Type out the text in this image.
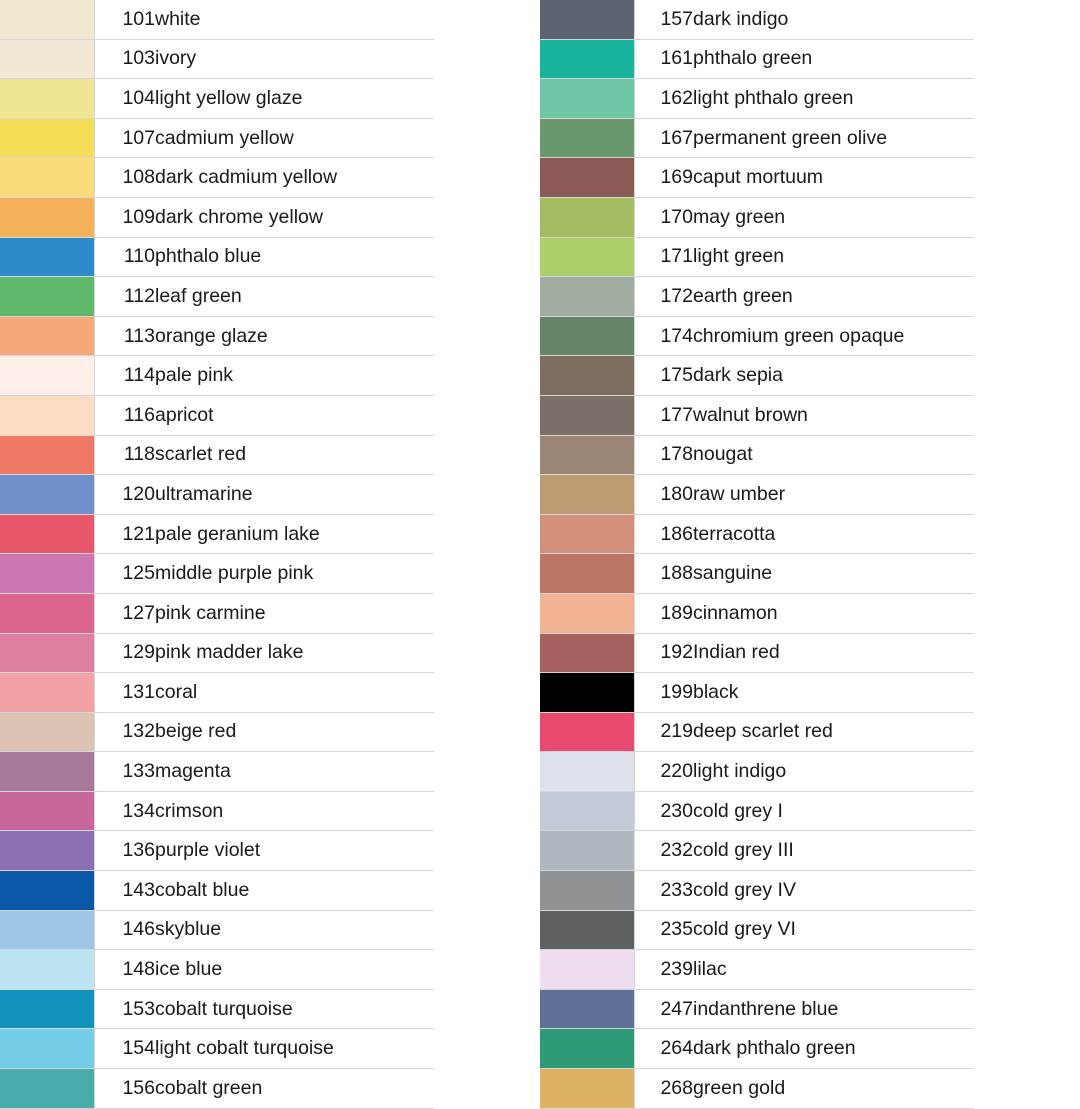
	101	white

	103	ivory

	104	light yellow glaze

	107	cadmium yellow

	108	dark cadmium yellow

	109	dark chrome yellow

	110	phthalo blue

	112	leaf green

	113	orange glaze

	114	pale pink

	116	apricot

	118	scarlet red

	120	ultramarine

	121	pale geranium lake

	125	middle purple pink

	127	pink carmine

	129	pink madder lake

	131	coral

	132	beige red

	133	magenta

	134	crimson

	136	purple violet

	143	cobalt blue

	146	skyblue

	148	ice blue

	153	cobalt turquoise

	154	light cobalt turquoise

	156	cobalt green
	157	dark indigo

	161	phthalo green

	162	light phthalo green

	167	permanent green olive

	169	caput mortuum

	170	may green

	171	light green

	172	earth green

	174	chromium green opaque

	175	dark sepia

	177	walnut brown

	178	nougat

	180	raw umber

	186	terracotta

	188	sanguine

	189	cinnamon

	192	Indian red

	199	black

	219	deep scarlet red

	220	light indigo

	230	cold grey I

	232	cold grey III

	233	cold grey IV

	235	cold grey VI

	239	lilac

	247	indanthrene blue

	264	dark phthalo green

	268	green gold
